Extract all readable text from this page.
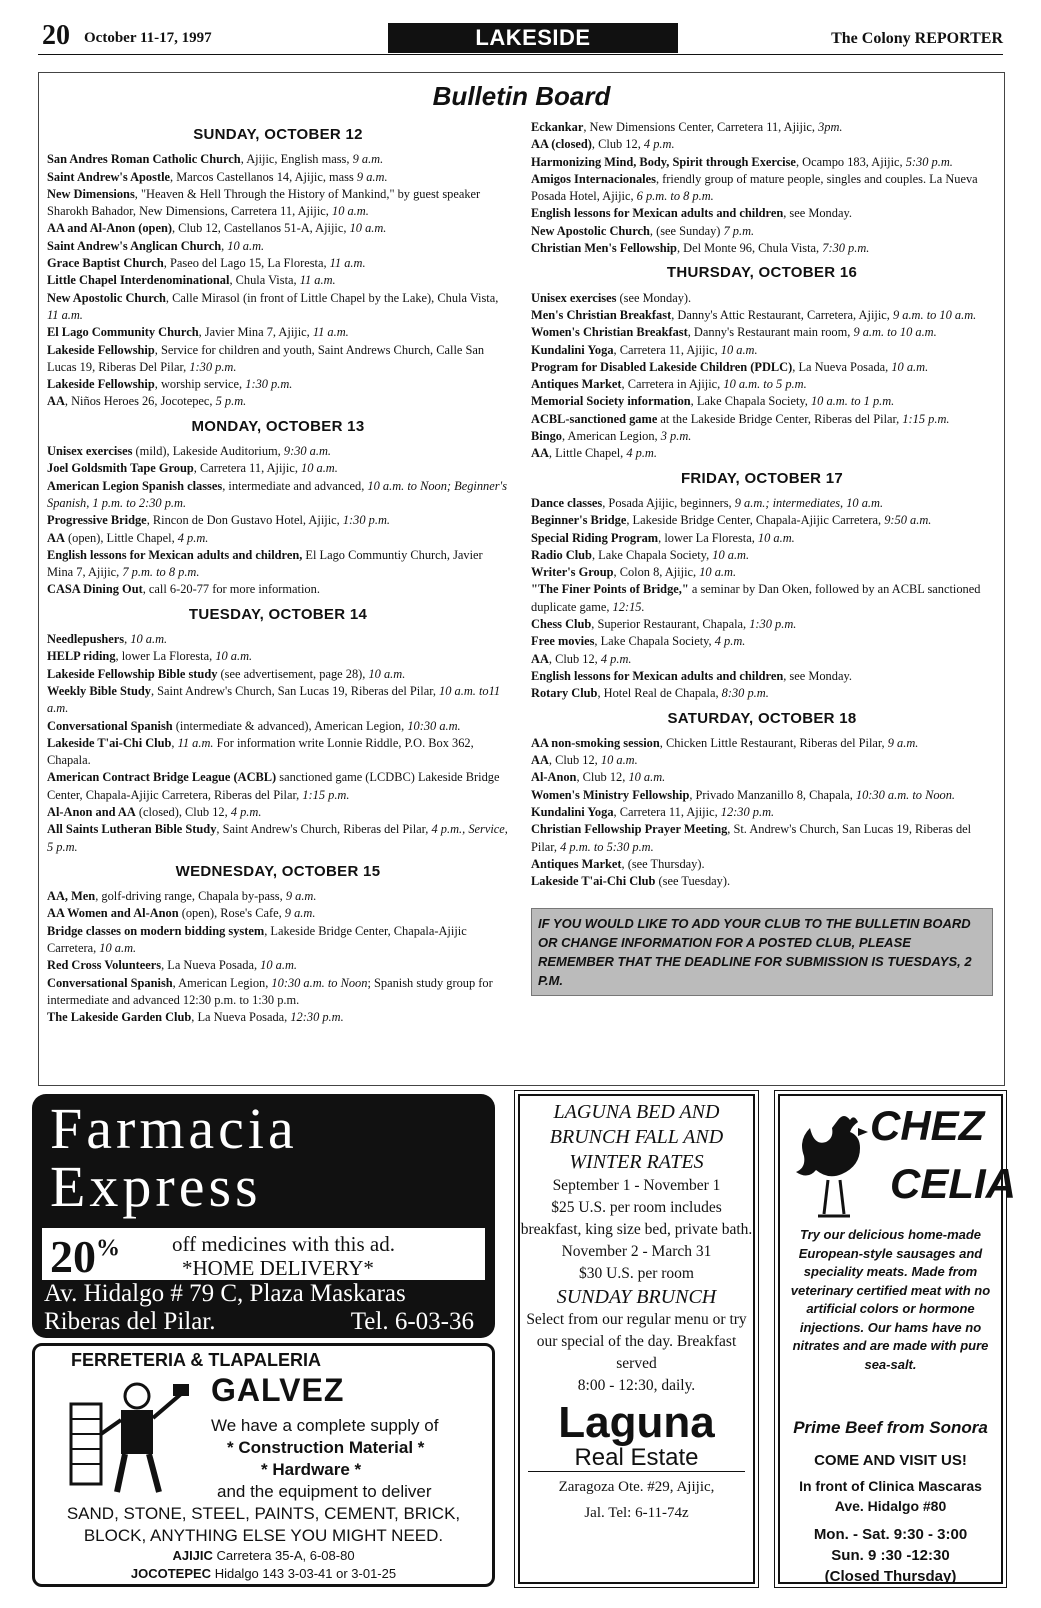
20 October 11-17, 1997	LAKESIDE	The Colony REPORTER
Bulletin Board
SUNDAY, OCTOBER 12

San Andres Roman Catholic Church, Ajijic, English mass, 9 a.m.

Saint Andrew's Apostle, Marcos Castellanos 14, Ajijic, mass 9 a.m.

New Dimensions, "Heaven & Hell Through the History of Mankind," by guest speaker Sharokh Bahador, New Dimensions, Carretera 11, Ajijic, 10 a.m.

AA and Al-Anon (open), Club 12, Castellanos 51-A, Ajijic, 10 a.m.

Saint Andrew's Anglican Church, 10 a.m.

Grace Baptist Church, Paseo del Lago 15, La Floresta, 11 a.m.

Little Chapel Interdenominational, Chula Vista, 11 a.m.

New Apostolic Church, Calle Mirasol (in front of Little Chapel by the Lake), Chula Vista, 11 a.m.

El Lago Community Church, Javier Mina 7, Ajijic, 11 a.m.

Lakeside Fellowship, Service for children and youth, Saint Andrews Church, Calle San Lucas 19, Riberas Del Pilar, 1:30 p.m.

Lakeside Fellowship, worship service, 1:30 p.m.

AA, Niños Heroes 26, Jocotepec, 5 p.m.

MONDAY, OCTOBER 13

Unisex exercises (mild), Lakeside Auditorium, 9:30 a.m.

Joel Goldsmith Tape Group, Carretera 11, Ajijic, 10 a.m.

American Legion Spanish classes, intermediate and advanced, 10 a.m. to Noon; Beginner's Spanish, 1 p.m. to 2:30 p.m.

Progressive Bridge, Rincon de Don Gustavo Hotel, Ajijic, 1:30 p.m.

AA (open), Little Chapel, 4 p.m.

English lessons for Mexican adults and children, El Lago Communtiy Church, Javier Mina 7, Ajijic, 7 p.m. to 8 p.m.

CASA Dining Out, call 6-20-77 for more information.

TUESDAY, OCTOBER 14

Needlepushers, 10 a.m.

HELP riding, lower La Floresta, 10 a.m.

Lakeside Fellowship Bible study (see advertisement, page 28), 10 a.m.

Weekly Bible Study, Saint Andrew's Church, San Lucas 19, Riberas del Pilar, 10 a.m. to11 a.m.

Conversational Spanish (intermediate & advanced), American Legion, 10:30 a.m.

Lakeside T'ai-Chi Club, 11 a.m. For information write Lonnie Riddle, P.O. Box 362, Chapala.

American Contract Bridge League (ACBL) sanctioned game (LCDBC) Lakeside Bridge Center, Chapala-Ajijic Carretera, Riberas del Pilar, 1:15 p.m.

Al-Anon and AA (closed), Club 12, 4 p.m.

All Saints Lutheran Bible Study, Saint Andrew's Church, Riberas del Pilar, 4 p.m., Service, 5 p.m.

WEDNESDAY, OCTOBER 15

AA, Men, golf-driving range, Chapala by-pass, 9 a.m.

AA Women and Al-Anon (open), Rose's Cafe, 9 a.m.

Bridge classes on modern bidding system, Lakeside Bridge Center, Chapala-Ajijic Carretera, 10 a.m.

Red Cross Volunteers, La Nueva Posada, 10 a.m.

Conversational Spanish, American Legion, 10:30 a.m. to Noon; Spanish study group for intermediate and advanced 12:30 p.m. to 1:30 p.m.

The Lakeside Garden Club, La Nueva Posada, 12:30 p.m.

Eckankar, New Dimensions Center, Carretera 11, Ajijic, 3pm.

AA (closed), Club 12, 4 p.m.

Harmonizing Mind, Body, Spirit through Exercise, Ocampo 183, Ajijic, 5:30 p.m.

Amigos Internacionales, friendly group of mature people, singles and couples. La Nueva Posada Hotel, Ajijic, 6 p.m. to 8 p.m.

English lessons for Mexican adults and children, see Monday.

New Apostolic Church, (see Sunday) 7 p.m.

Christian Men's Fellowship, Del Monte 96, Chula Vista, 7:30 p.m.

THURSDAY, OCTOBER 16

Unisex exercises (see Monday).

Men's Christian Breakfast, Danny's Attic Restaurant, Carretera, Ajijic, 9 a.m. to 10 a.m.

Women's Christian Breakfast, Danny's Restaurant main room, 9 a.m. to 10 a.m.

Kundalini Yoga, Carretera 11, Ajijic, 10 a.m.

Program for Disabled Lakeside Children (PDLC), La Nueva Posada, 10 a.m.

Antiques Market, Carretera in Ajijic, 10 a.m. to 5 p.m.

Memorial Society information, Lake Chapala Society, 10 a.m. to 1 p.m.

ACBL-sanctioned game at the Lakeside Bridge Center, Riberas del Pilar, 1:15 p.m.

Bingo, American Legion, 3 p.m.

AA, Little Chapel, 4 p.m.

FRIDAY, OCTOBER 17

Dance classes, Posada Ajijic, beginners, 9 a.m.; intermediates, 10 a.m.

Beginner's Bridge, Lakeside Bridge Center, Chapala-Ajijic Carretera, 9:50 a.m.

Special Riding Program, lower La Floresta, 10 a.m.

Radio Club, Lake Chapala Society, 10 a.m.

Writer's Group, Colon 8, Ajijic, 10 a.m.

"The Finer Points of Bridge," a seminar by Dan Oken, followed by an ACBL sanctioned duplicate game, 12:15.

Chess Club, Superior Restaurant, Chapala, 1:30 p.m.

Free movies, Lake Chapala Society, 4 p.m.

AA, Club 12, 4 p.m.

English lessons for Mexican adults and children, see Monday.

Rotary Club, Hotel Real de Chapala, 8:30 p.m.

SATURDAY, OCTOBER 18

AA non-smoking session, Chicken Little Restaurant, Riberas del Pilar, 9 a.m.

AA, Club 12, 10 a.m.

Al-Anon, Club 12, 10 a.m.

Women's Ministry Fellowship, Privado Manzanillo 8, Chapala, 10:30 a.m. to Noon.

Kundalini Yoga, Carretera 11, Ajijic, 12:30 p.m.

Christian Fellowship Prayer Meeting, St. Andrew's Church, San Lucas 19, Riberas del Pilar, 4 p.m. to 5:30 p.m.

Antiques Market, (see Thursday).

Lakeside T'ai-Chi Club (see Tuesday).

IF YOU WOULD LIKE TO ADD YOUR CLUB TO THE BULLETIN BOARD OR CHANGE INFORMATION FOR A POSTED CLUB, PLEASE REMEMBER THAT THE DEADLINE FOR SUBMISSION IS TUESDAYS, 2 P.M.
Farmacia
Express
20% off medicines with this ad.
*HOME DELIVERY*
Av. Hidalgo # 79 C, Plaza Maskaras
Riberas del Pilar.	Tel. 6-03-36
FERRETERIA & TLAPALERIA
GALVEZ
We have a complete supply of
* Construction Material *
* Hardware *
and the equipment to deliver
SAND, STONE, STEEL, PAINTS, CEMENT, BRICK,
BLOCK, ANYTHING ELSE YOU MIGHT NEED.
AJIJIC Carretera 35-A, 6-08-80
JOCOTEPEC Hidalgo 143 3-03-41 or 3-01-25
LAGUNA BED AND BRUNCH FALL AND WINTER RATES
September 1 - November 1
$25 U.S. per room includes breakfast, king size bed, private bath.
November 2 - March 31
$30 U.S. per room
SUNDAY BRUNCH
Select from our regular menu or try our special of the day. Breakfast served
8:00 - 12:30, daily.
Laguna
Real Estate
Zaragoza Ote. #29, Ajijic,
Jal. Tel: 6-11-74z
CHEZ
CELIA
Try our delicious home-made European-style sausages and speciality meats. Made from veterinary certified meat with no artificial colors or hormone injections. Our hams have no nitrates and are made with pure sea-salt.
Prime Beef from Sonora
COME AND VISIT US!
In front of Clinica Mascaras
Ave. Hidalgo #80
Mon. - Sat. 9:30 - 3:00
Sun. 9 :30 -12:30
(Closed Thursday)
